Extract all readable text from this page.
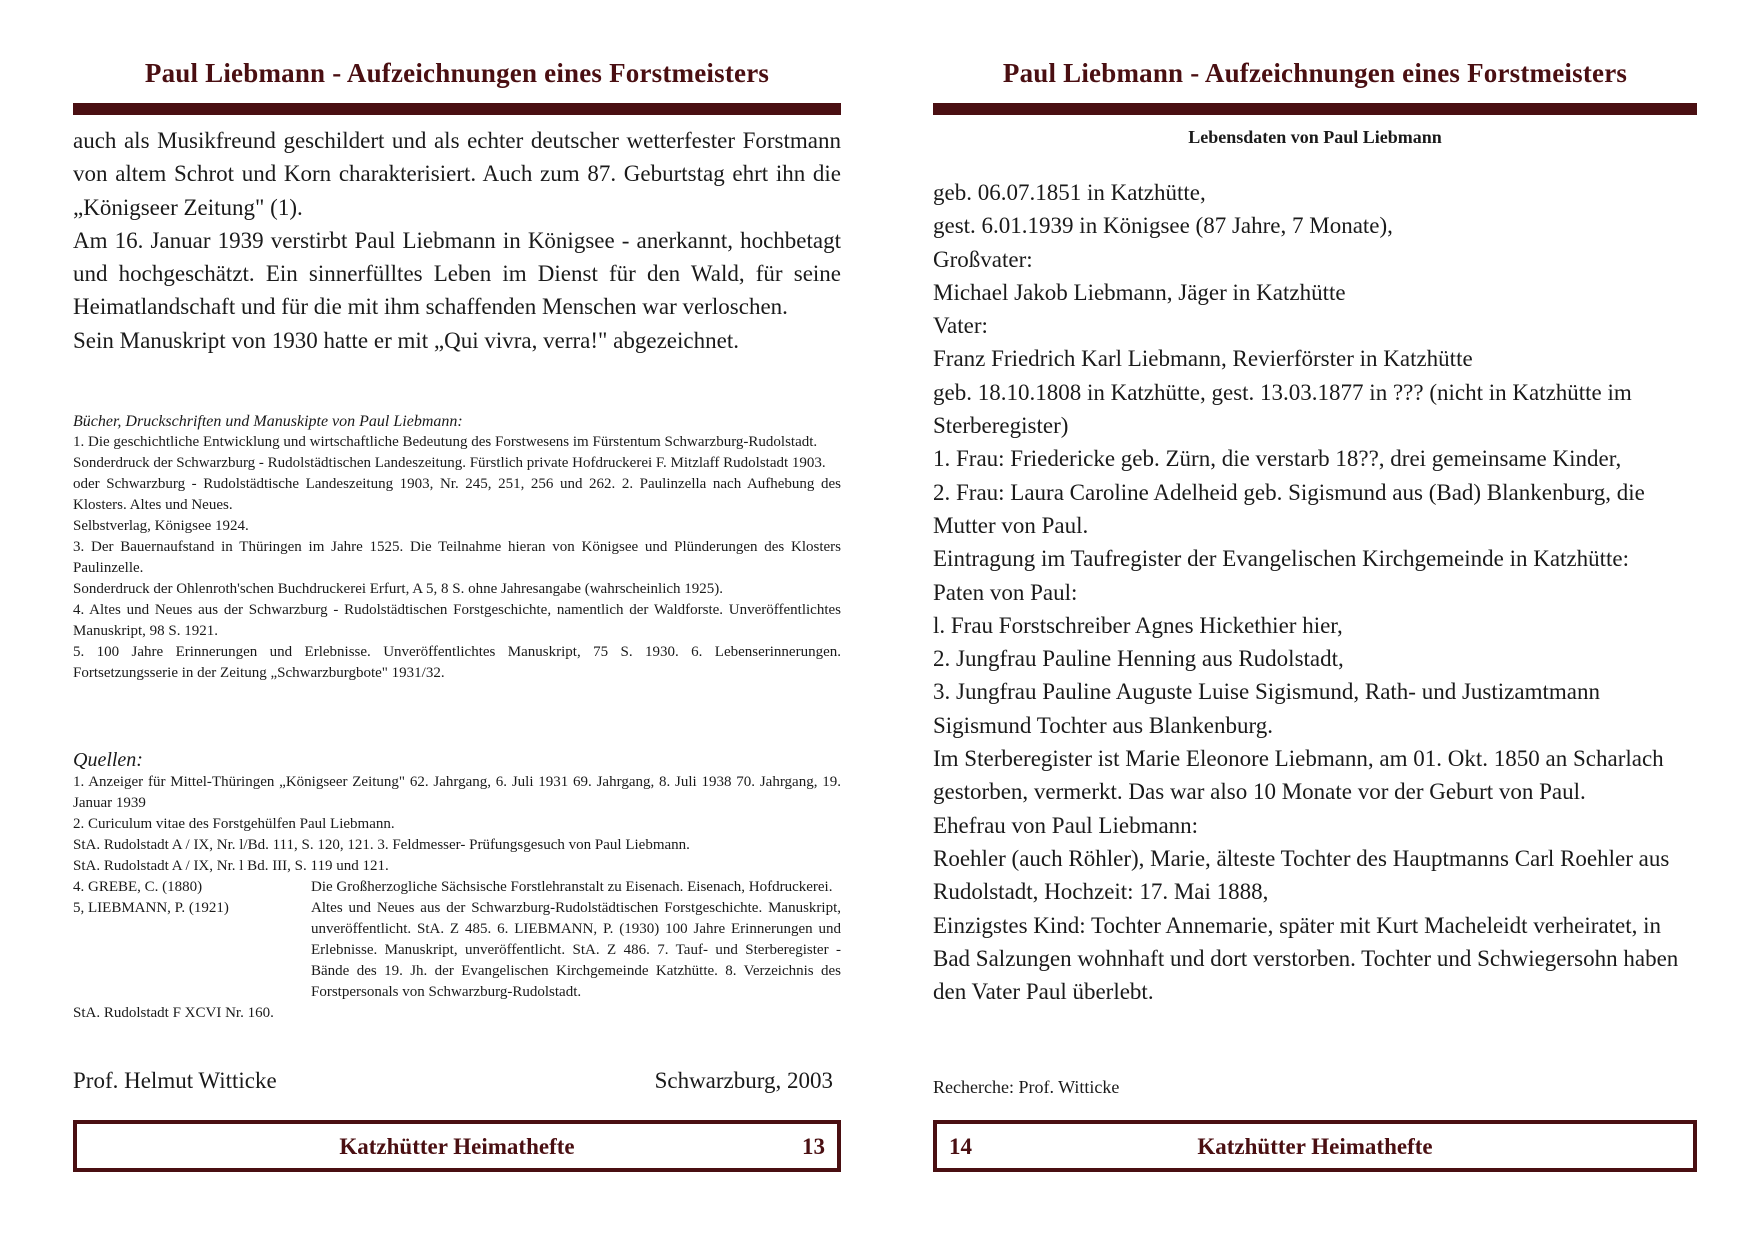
Paul Liebmann - Aufzeichnungen eines Forstmeisters

auch als Musikfreund geschildert und als echter deutscher wetterfester Forstmann von altem Schrot und Korn charakterisiert. Auch zum 87. Geburtstag ehrt ihn die „Königseer Zeitung" (1).

Am 16. Januar 1939 verstirbt Paul Liebmann in Königsee - anerkannt, hochbetagt und hochgeschätzt. Ein sinnerfülltes Leben im Dienst für den Wald, für seine Heimatlandschaft und für die mit ihm schaffenden Menschen war verloschen.

Sein Manuskript von 1930 hatte er mit „Qui vivra, verra!" abgezeichnet.

Bücher, Druckschriften und Manuskipte von Paul Liebmann:

1. Die geschichtliche Entwicklung und wirtschaftliche Bedeutung des Forstwesens im Fürstentum Schwarzburg-Rudolstadt.

Sonderdruck der Schwarzburg - Rudolstädtischen Landeszeitung. Fürstlich private Hofdruckerei F. Mitzlaff Rudolstadt 1903.

oder Schwarzburg - Rudolstädtische Landeszeitung 1903, Nr. 245, 251, 256 und 262. 2. Paulinzella nach Aufhebung des Klosters. Altes und Neues.

Selbstverlag, Königsee 1924.

3. Der Bauernaufstand in Thüringen im Jahre 1525. Die Teilnahme hieran von Königsee und Plünderungen des Klosters Paulinzelle.

Sonderdruck der Ohlenroth'schen Buchdruckerei Erfurt, A 5, 8 S. ohne Jahresangabe (wahrscheinlich 1925).

4. Altes und Neues aus der Schwarzburg - Rudolstädtischen Forstgeschichte, namentlich der Waldforste. Unveröffentlichtes Manuskript, 98 S. 1921.

5. 100 Jahre Erinnerungen und Erlebnisse. Unveröffentlichtes Manuskript, 75 S. 1930. 6. Lebenserinnerungen. Fortsetzungsserie in der Zeitung „Schwarzburgbote" 1931/32.

Quellen:

1. Anzeiger für Mittel-Thüringen „Königseer Zeitung" 62. Jahrgang, 6. Juli 1931 69. Jahrgang, 8. Juli 1938 70. Jahrgang, 19. Januar 1939

2. Curiculum vitae des Forstgehülfen Paul Liebmann.

StA. Rudolstadt A / IX, Nr. l/Bd. 111, S. 120, 121. 3. Feldmesser- Prüfungsgesuch von Paul Liebmann.

StA. Rudolstadt A / IX, Nr. l Bd. III, S. 119 und 121.

4. GREBE, C. (1880)	Die Großherzogliche Sächsische Forstlehranstalt zu Eisenach. Eisenach, Hofdruckerei.
5, LIEBMANN, P. (1921)	Altes und Neues aus der Schwarzburg-Rudolstädtischen Forstgeschichte. Manuskript, unveröffentlicht. StA. Z 485. 6. LIEBMANN, P. (1930) 100 Jahre Erinnerungen und Erlebnisse. Manuskript, unveröffentlicht. StA. Z 486. 7. Tauf- und Sterberegister - Bände des 19. Jh. der Evangelischen Kirchgemeinde Katzhütte. 8. Verzeichnis des Forstpersonals von Schwarzburg-Rudolstadt.

StA. Rudolstadt F XCVI Nr. 160.

Prof. Helmut Witticke	Schwarzburg, 2003
Katzhütter Heimathefte	13
Paul Liebmann - Aufzeichnungen eines Forstmeisters
Lebensdaten von Paul Liebmann

geb. 06.07.1851 in Katzhütte,

gest. 6.01.1939 in Königsee (87 Jahre, 7 Monate),

Großvater:

Michael Jakob Liebmann, Jäger in Katzhütte

Vater:

Franz Friedrich Karl Liebmann, Revierförster in Katzhütte

geb. 18.10.1808 in Katzhütte, gest. 13.03.1877 in ??? (nicht in Katzhütte im Sterberegister)

1. Frau: Friedericke geb. Zürn, die verstarb 18??, drei gemeinsame Kinder,

2. Frau: Laura Caroline Adelheid geb. Sigismund aus (Bad) Blankenburg, die Mutter von Paul.

Eintragung im Taufregister der Evangelischen Kirchgemeinde in Katzhütte:

Paten von Paul:

l. Frau Forstschreiber Agnes Hickethier hier,

2. Jungfrau Pauline Henning aus Rudolstadt,

3. Jungfrau Pauline Auguste Luise Sigismund, Rath- und Justizamtmann Sigismund Tochter aus Blankenburg.

Im Sterberegister ist Marie Eleonore Liebmann, am 01. Okt. 1850 an Scharlach gestorben, vermerkt. Das war also 10 Monate vor der Geburt von Paul.

Ehefrau von Paul Liebmann:

Roehler (auch Röhler), Marie, älteste Tochter des Hauptmanns Carl Roehler aus Rudolstadt, Hochzeit: 17. Mai 1888,

Einzigstes Kind: Tochter Annemarie, später mit Kurt Macheleidt verheiratet, in Bad Salzungen wohnhaft und dort verstorben. Tochter und Schwiegersohn haben den Vater Paul überlebt.

Recherche: Prof. Witticke
14	Katzhütter Heimathefte
